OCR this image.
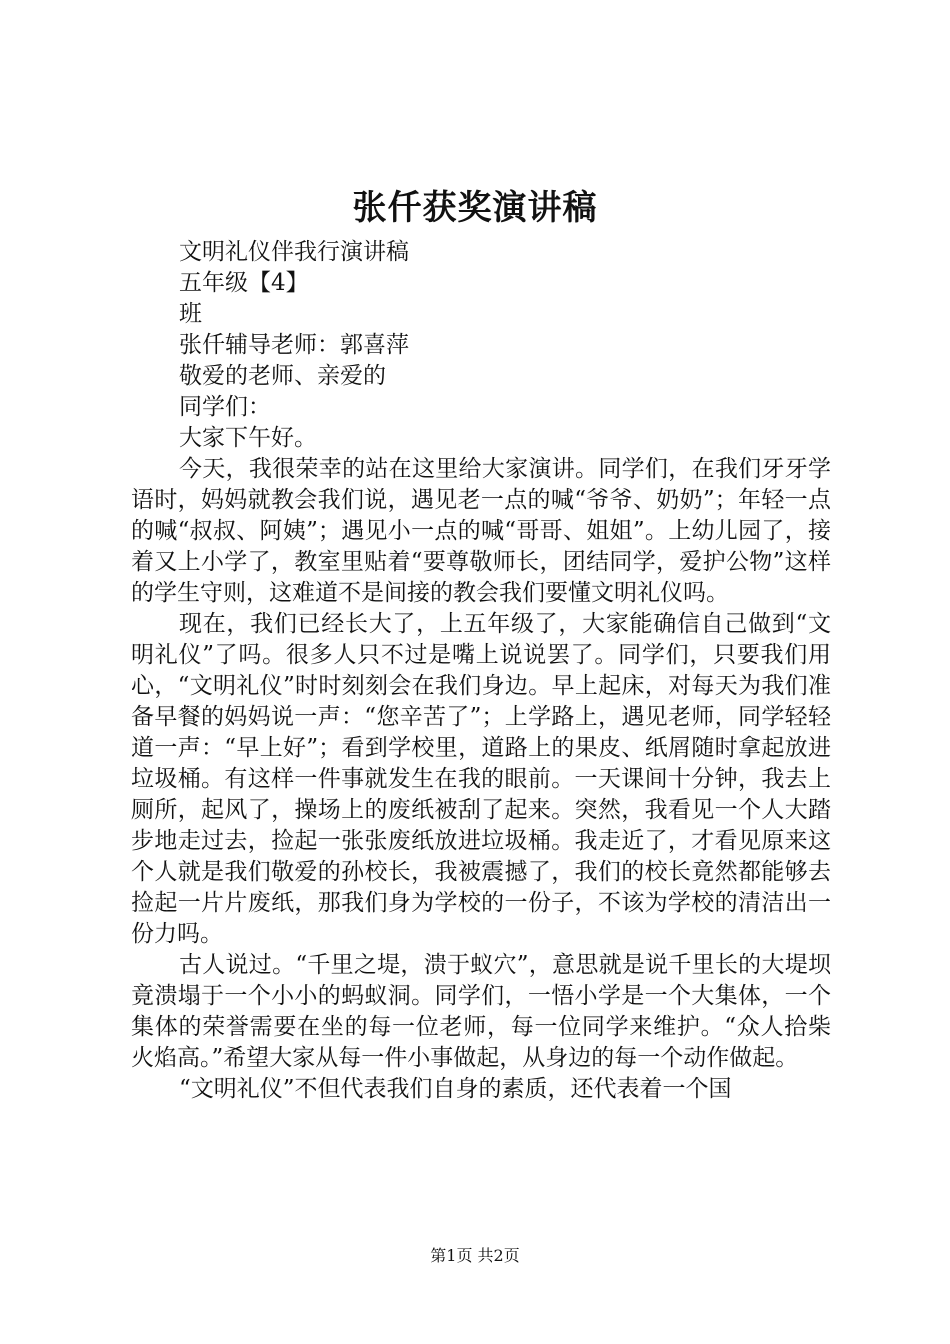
张仟获奖演讲稿
文明礼仪伴我行演讲稿
五年级【4】
班
张仟辅导老师：郭喜萍
敬爱的老师、亲爱的
同学们：
大家下午好。

今天，我很荣幸的站在这里给大家演讲。同学们，在我们牙牙学语时，妈妈就教会我们说，遇见老一点的喊“爷爷、奶奶”；年轻一点的喊“叔叔、阿姨”；遇见小一点的喊“哥哥、姐姐”。上幼儿园了，接着又上小学了，教室里贴着“要尊敬师长，团结同学，爱护公物”这样的学生守则，这难道不是间接的教会我们要懂文明礼仪吗。

现在，我们已经长大了，上五年级了，大家能确信自己做到“文明礼仪”了吗。很多人只不过是嘴上说说罢了。同学们，只要我们用心，“文明礼仪”时时刻刻会在我们身边。早上起床，对每天为我们准备早餐的妈妈说一声：“您辛苦了”；上学路上，遇见老师，同学轻轻道一声：“早上好”；看到学校里，道路上的果皮、纸屑随时拿起放进垃圾桶。有这样一件事就发生在我的眼前。一天课间十分钟，我去上厕所，起风了，操场上的废纸被刮了起来。突然，我看见一个人大踏步地走过去，捡起一张张废纸放进垃圾桶。我走近了，才看见原来这个人就是我们敬爱的孙校长，我被震撼了，我们的校长竟然都能够去捡起一片片废纸，那我们身为学校的一份子，不该为学校的清洁出一份力吗。

古人说过。“千里之堤，溃于蚁穴”，意思就是说千里长的大堤坝竟溃塌于一个小小的蚂蚁洞。同学们，一悟小学是一个大集体，一个集体的荣誉需要在坐的每一位老师，每一位同学来维护。“众人拾柴火焰高。”希望大家从每一件小事做起，从身边的每一个动作做起。

“文明礼仪”不但代表我们自身的素质，还代表着一个国

第1页 共2页
